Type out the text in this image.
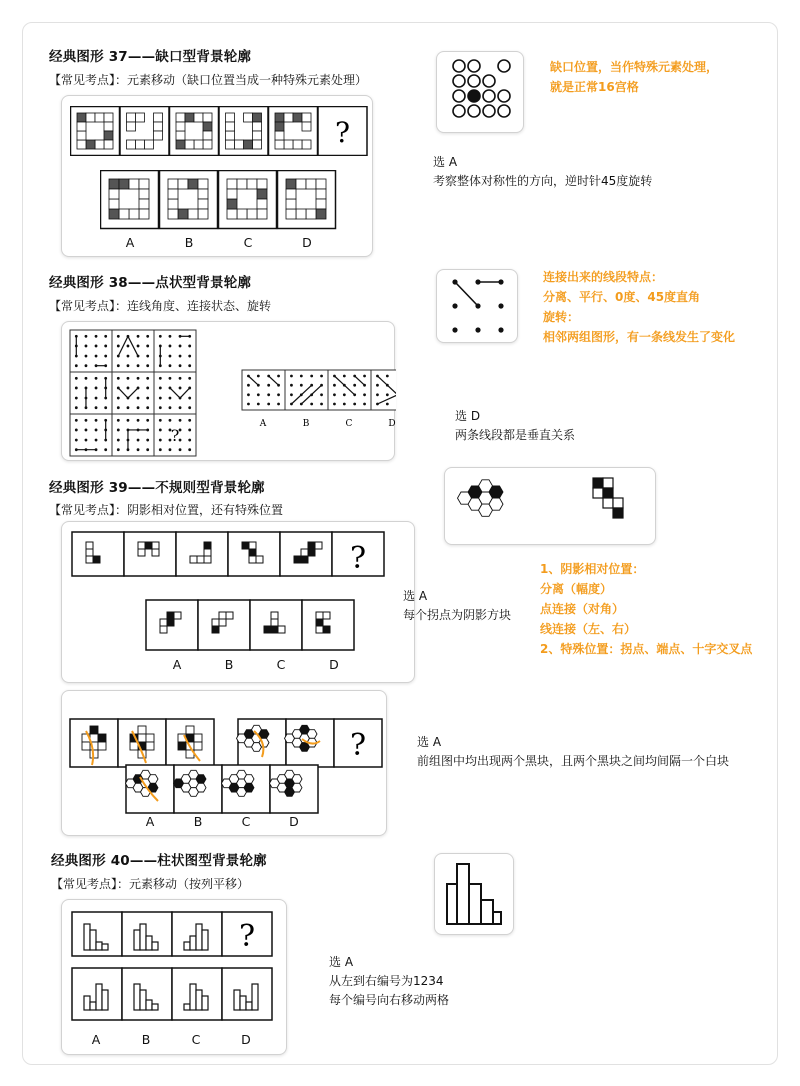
经典图形 37——缺口型背景轮廓
【常见考点】：元素移动（缺口位置当成一种特殊元素处理）
?
A	B	C	D
缺口位置，当作特殊元素处理，
就是正常16宫格
选 A
考察整体对称性的方向，逆时针45度旋转
经典图形 38——点状型背景轮廓
【常见考点】：连线角度、连接状态、旋转
?
A	B	C	D
连接出来的线段特点：
分离、平行、0度、45度直角
旋转：
相邻两组图形，有一条线发生了变化
选 D
两条线段都是垂直关系
经典图形 39——不规则型背景轮廓
【常见考点】：阴影相对位置，还有特殊位置
?
A	B	C	D
?
A	B	C	D
1、阴影相对位置：
分离（幅度）
点连接（对角）
线连接（左、右）
2、特殊位置：拐点、端点、十字交叉点
选 A
每个拐点为阴影方块
选 A
前组图中均出现两个黑块，且两个黑块之间均间隔一个白块
经典图形 40——柱状图型背景轮廓
【常见考点】：元素移动（按列平移）
?
A	B	C	D
选 A
从左到右编号为1234
每个编号向右移动两格
